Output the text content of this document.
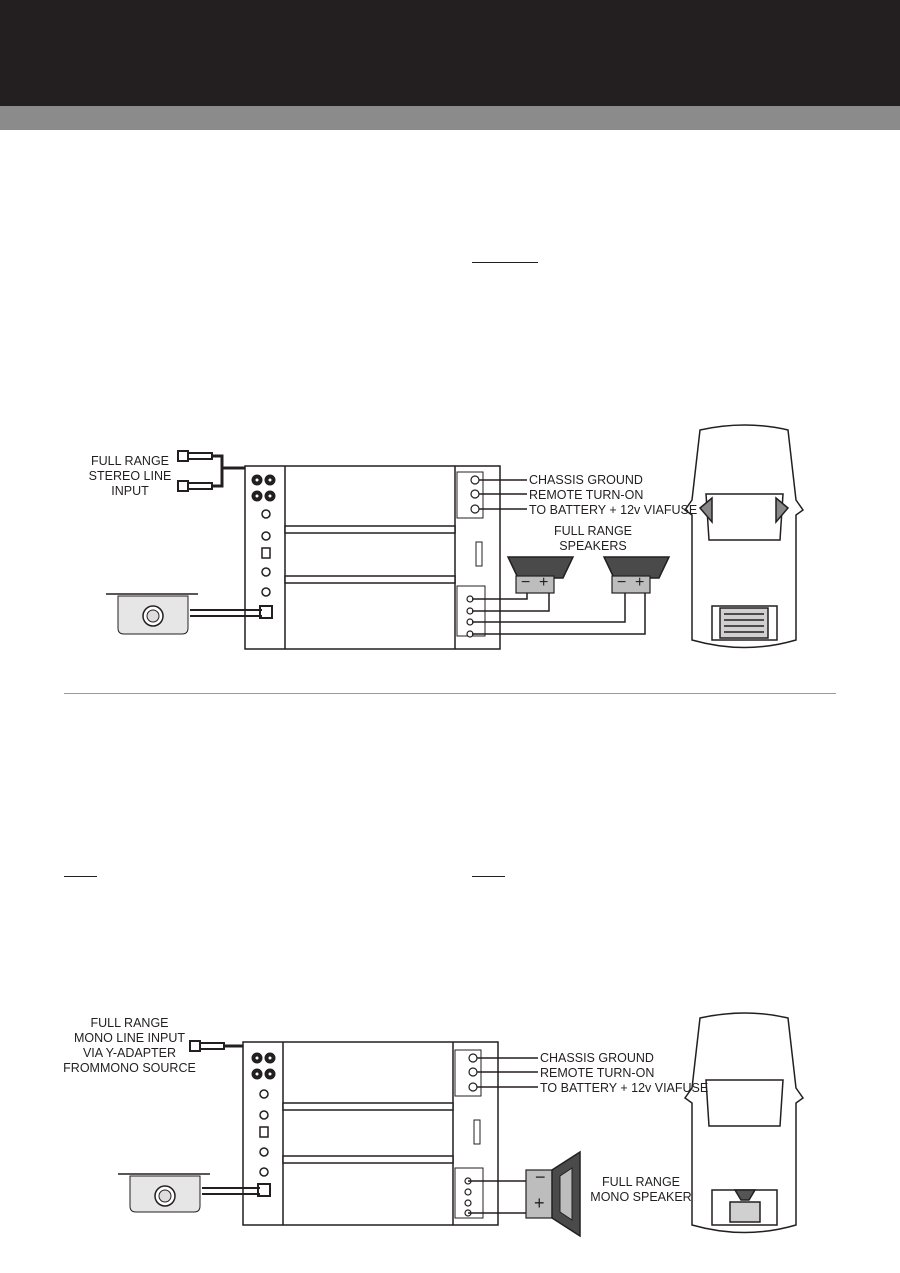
FULL RANGE
STEREO LINE
INPUT
CHASSIS GROUND
REMOTE TURN-ON
TO BATTERY + 12v VIAFUSE
FULL RANGE
SPEAKERS
− +	− +
FULL RANGE
MONO LINE INPUT
VIA Y-ADAPTER
FROMMONO SOURCE
CHASSIS GROUND
REMOTE TURN-ON
TO BATTERY + 12v VIAFUSE
−
+
FULL RANGE
MONO SPEAKER
